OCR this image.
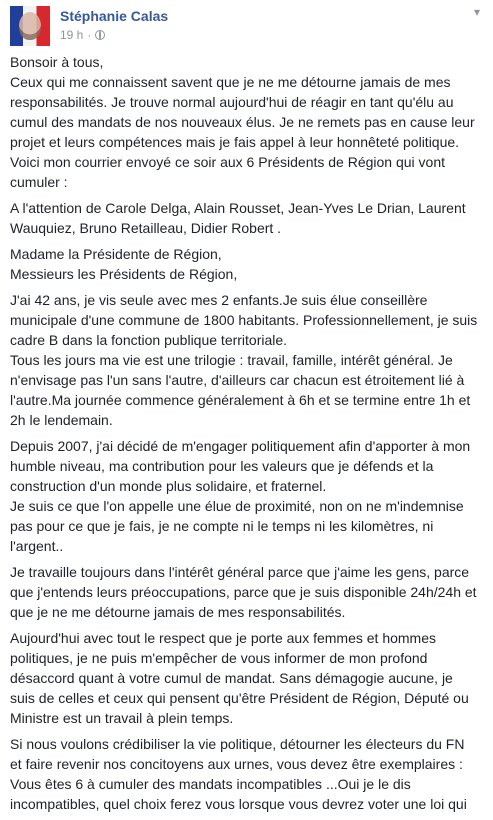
Stéphanie Calas
19 h ·
▾

Bonsoir à tous,
Ceux qui me connaissent savent que je ne me détourne jamais de mes responsabilités. Je trouve normal aujourd'hui de réagir en tant qu'élu au cumul des mandats de nos nouveaux élus. Je ne remets pas en cause leur projet et leurs compétences mais je fais appel à leur honnêteté politique.
Voici mon courrier envoyé ce soir aux 6 Présidents de Région qui vont cumuler :

A l'attention de Carole Delga, Alain Rousset, Jean-Yves Le Drian, Laurent Wauquiez, Bruno Retailleau, Didier Robert .

Madame la Présidente de Région,
Messieurs les Présidents de Région,

J'ai 42 ans, je vis seule avec mes 2 enfants.Je suis élue conseillère municipale d'une commune de 1800 habitants. Professionnellement, je suis cadre B dans la fonction publique territoriale.
Tous les jours ma vie est une trilogie : travail, famille, intérêt général. Je n'envisage pas l'un sans l'autre, d'ailleurs car chacun est étroitement lié à l'autre.Ma journée commence généralement à 6h et se termine entre 1h et 2h le lendemain.

Depuis 2007, j'ai décidé de m'engager politiquement afin d'apporter à mon humble niveau, ma contribution pour les valeurs que je défends et la construction d'un monde plus solidaire, et fraternel.
Je suis ce que l'on appelle une élue de proximité, non on ne m'indemnise pas pour ce que je fais, je ne compte ni le temps ni les kilomètres, ni l'argent..

Je travaille toujours dans l'intérêt général parce que j'aime les gens, parce que j'entends leurs préoccupations, parce que je suis disponible 24h/24h et que je ne me détourne jamais de mes responsabilités.

Aujourd'hui avec tout le respect que je porte aux femmes et hommes politiques, je ne puis m'empêcher de vous informer de mon profond désaccord quant à votre cumul de mandat. Sans démagogie aucune, je suis de celles et ceux qui pensent qu'être Président de Région, Député ou Ministre est un travail à plein temps.

Si nous voulons crédibiliser la vie politique, détourner les électeurs du FN et faire revenir nos concitoyens aux urnes, vous devez être exemplaires :
Vous êtes 6 à cumuler des mandats incompatibles ...Oui je le dis incompatibles, quel choix ferez vous lorsque vous devrez voter une loi qui
